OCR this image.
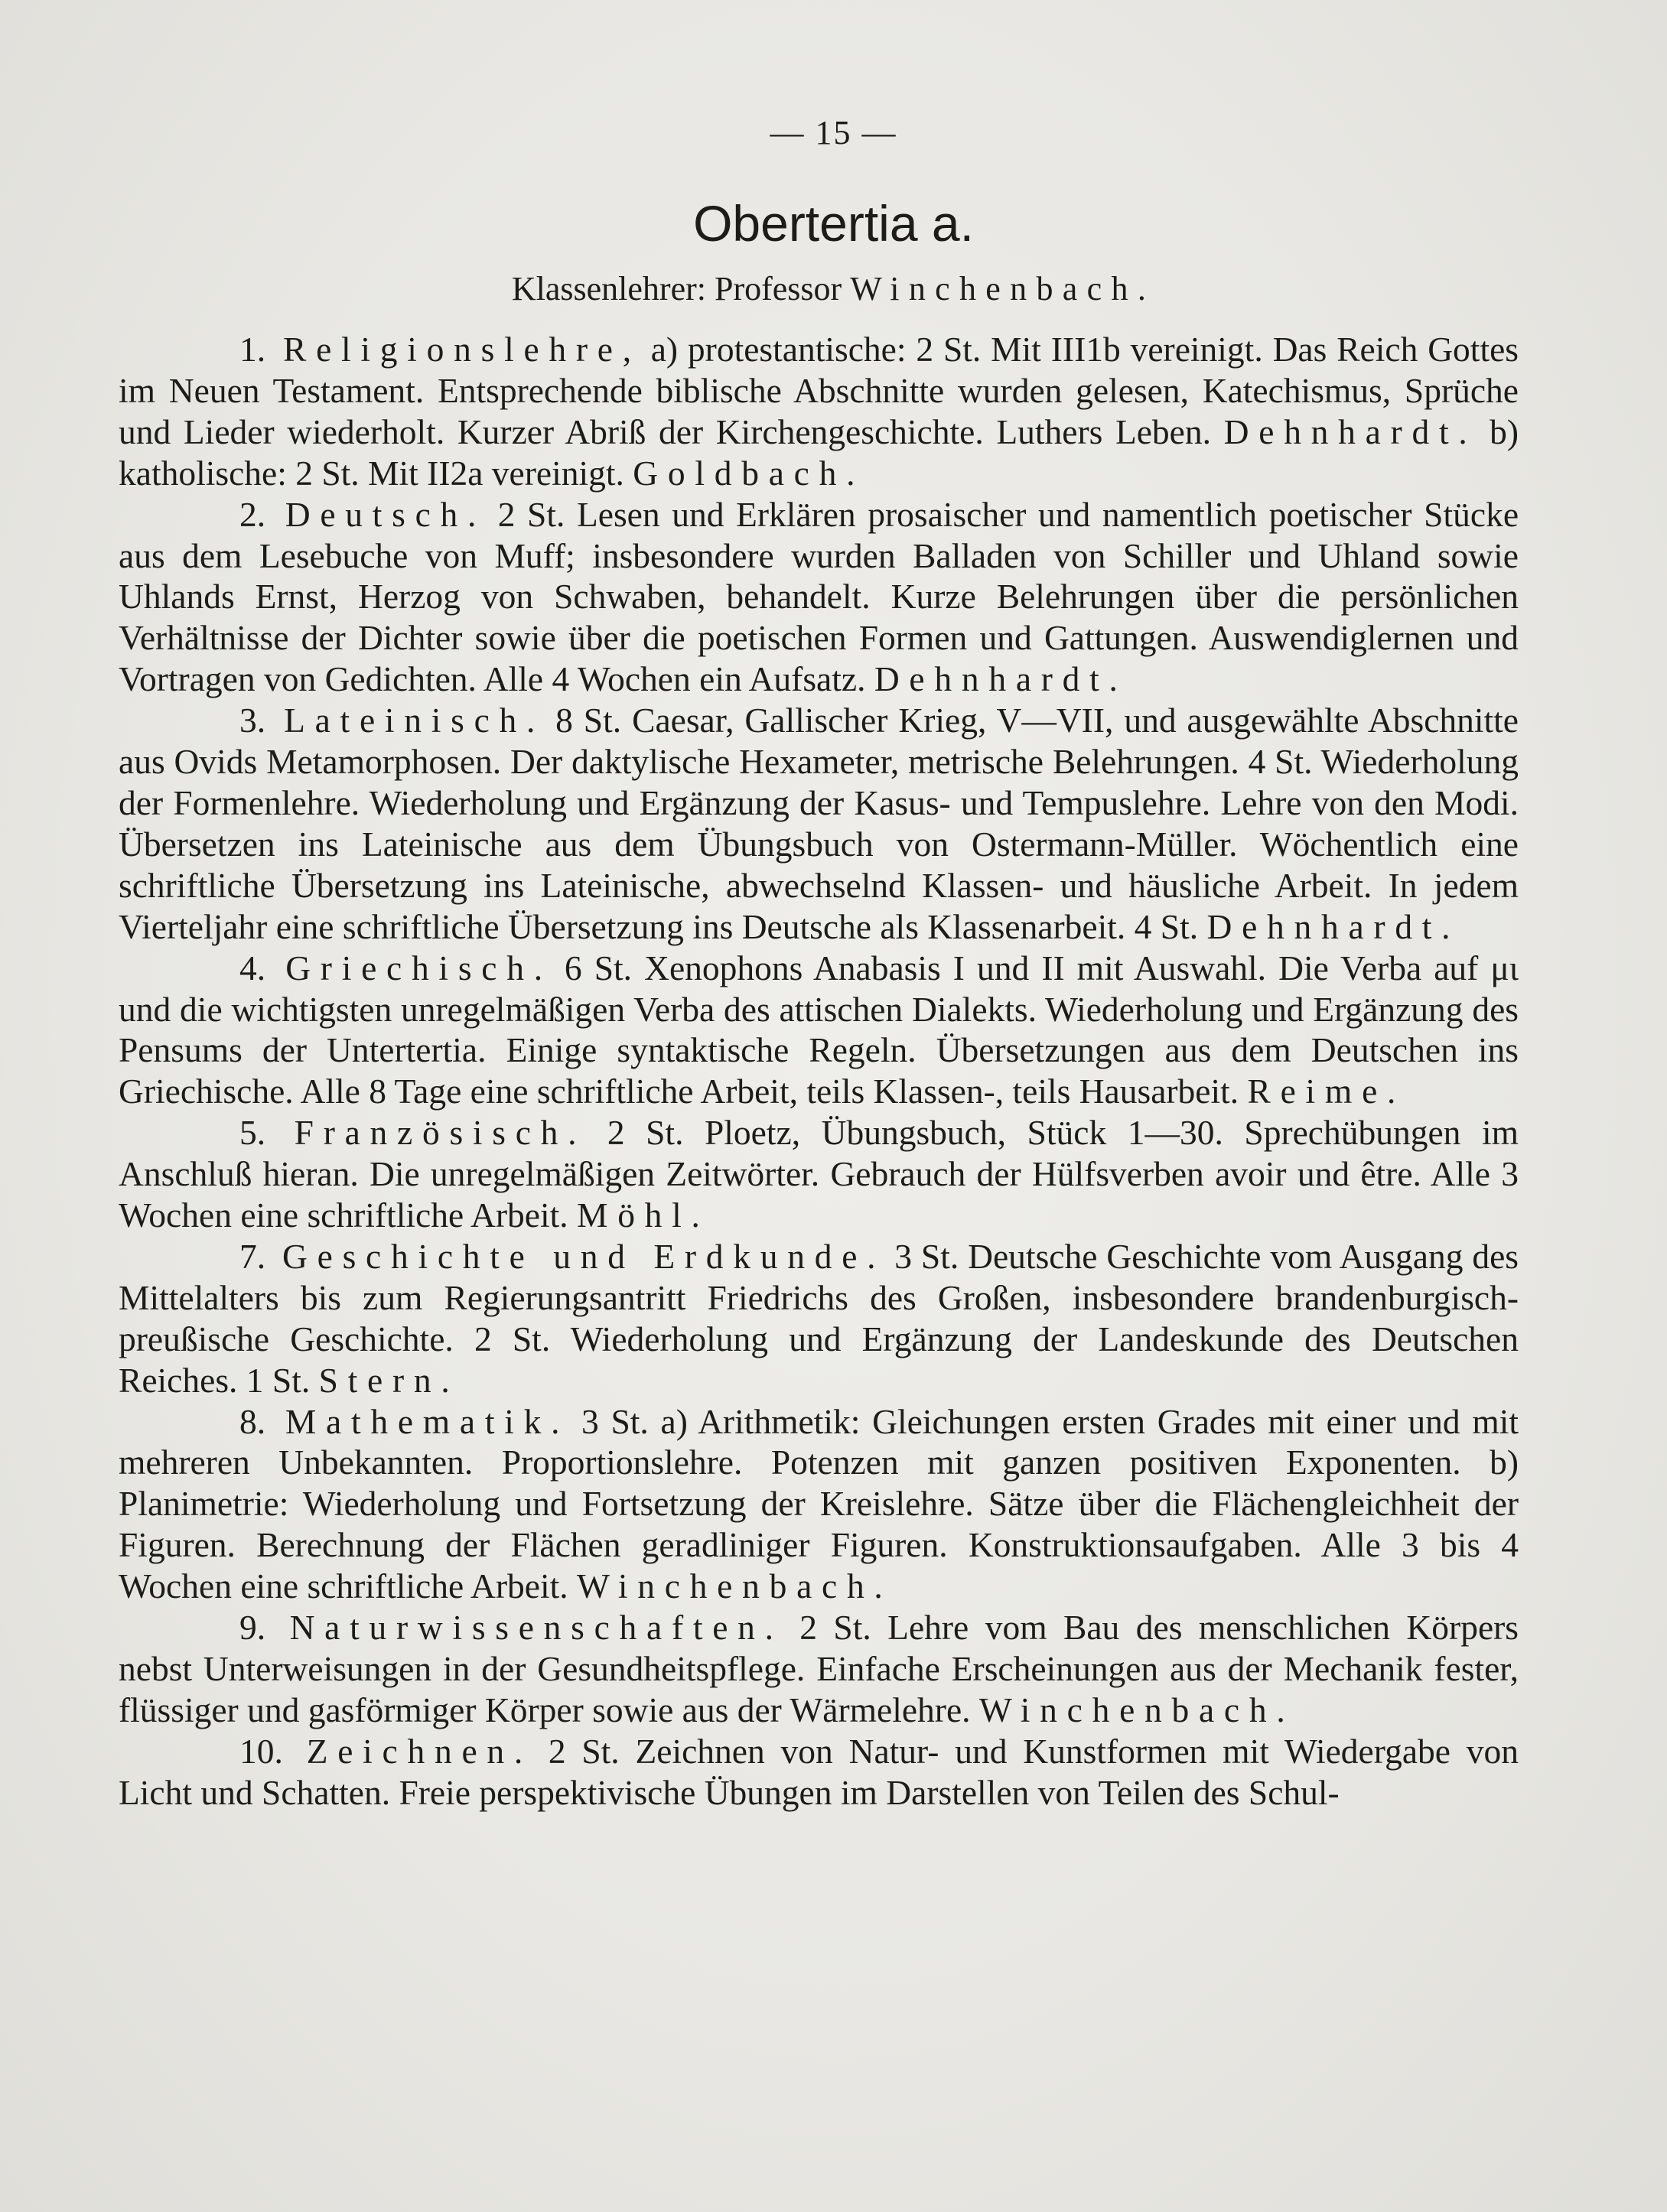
— 15 —
Obertertia a.
Klassenlehrer: Professor Winchenbach.

1. Religionslehre, a) protestantische: 2 St. Mit III1b vereinigt. Das Reich Gottes im Neuen Testament. Entsprechende biblische Abschnitte wurden gelesen, Katechismus, Sprüche und Lieder wiederholt. Kurzer Abriß der Kirchengeschichte. Luthers Leben. Dehnhardt. b) katholische: 2 St. Mit II2a vereinigt. Goldbach.

2. Deutsch. 2 St. Lesen und Erklären prosaischer und namentlich poetischer Stücke aus dem Lesebuche von Muff; insbesondere wurden Balladen von Schiller und Uhland sowie Uhlands Ernst, Herzog von Schwaben, behandelt. Kurze Belehrungen über die persönlichen Verhältnisse der Dichter sowie über die poetischen Formen und Gattungen. Auswendiglernen und Vortragen von Gedichten. Alle 4 Wochen ein Aufsatz. Dehnhardt.

3. Lateinisch. 8 St. Caesar, Gallischer Krieg, V—VII, und ausgewählte Abschnitte aus Ovids Metamorphosen. Der daktylische Hexameter, metrische Belehrungen. 4 St. Wiederholung der Formenlehre. Wiederholung und Ergänzung der Kasus- und Tempuslehre. Lehre von den Modi. Übersetzen ins Lateinische aus dem Übungsbuch von Ostermann-Müller. Wöchentlich eine schriftliche Übersetzung ins Lateinische, abwechselnd Klassen- und häusliche Arbeit. In jedem Vierteljahr eine schriftliche Übersetzung ins Deutsche als Klassenarbeit. 4 St. Dehnhardt.

4. Griechisch. 6 St. Xenophons Anabasis I und II mit Auswahl. Die Verba auf μι und die wichtigsten unregelmäßigen Verba des attischen Dialekts. Wiederholung und Ergänzung des Pensums der Untertertia. Einige syntaktische Regeln. Übersetzungen aus dem Deutschen ins Griechische. Alle 8 Tage eine schriftliche Arbeit, teils Klassen-, teils Hausarbeit. Reime.

5. Französisch. 2 St. Ploetz, Übungsbuch, Stück 1—30. Sprechübungen im Anschluß hieran. Die unregelmäßigen Zeitwörter. Gebrauch der Hülfsverben avoir und être. Alle 3 Wochen eine schriftliche Arbeit. Möhl.

7. Geschichte und Erdkunde. 3 St. Deutsche Geschichte vom Ausgang des Mittelalters bis zum Regierungsantritt Friedrichs des Großen, insbesondere brandenburgisch-preußische Geschichte. 2 St. Wiederholung und Ergänzung der Landeskunde des Deutschen Reiches. 1 St. Stern.

8. Mathematik. 3 St. a) Arithmetik: Gleichungen ersten Grades mit einer und mit mehreren Unbekannten. Proportionslehre. Potenzen mit ganzen positiven Exponenten. b) Planimetrie: Wiederholung und Fortsetzung der Kreislehre. Sätze über die Flächengleichheit der Figuren. Berechnung der Flächen geradliniger Figuren. Konstruktionsaufgaben. Alle 3 bis 4 Wochen eine schriftliche Arbeit. Winchenbach.

9. Naturwissenschaften. 2 St. Lehre vom Bau des menschlichen Körpers nebst Unterweisungen in der Gesundheitspflege. Einfache Erscheinungen aus der Mechanik fester, flüssiger und gasförmiger Körper sowie aus der Wärmelehre. Winchenbach.

10. Zeichnen. 2 St. Zeichnen von Natur- und Kunstformen mit Wiedergabe von Licht und Schatten. Freie perspektivische Übungen im Darstellen von Teilen des Schul-
